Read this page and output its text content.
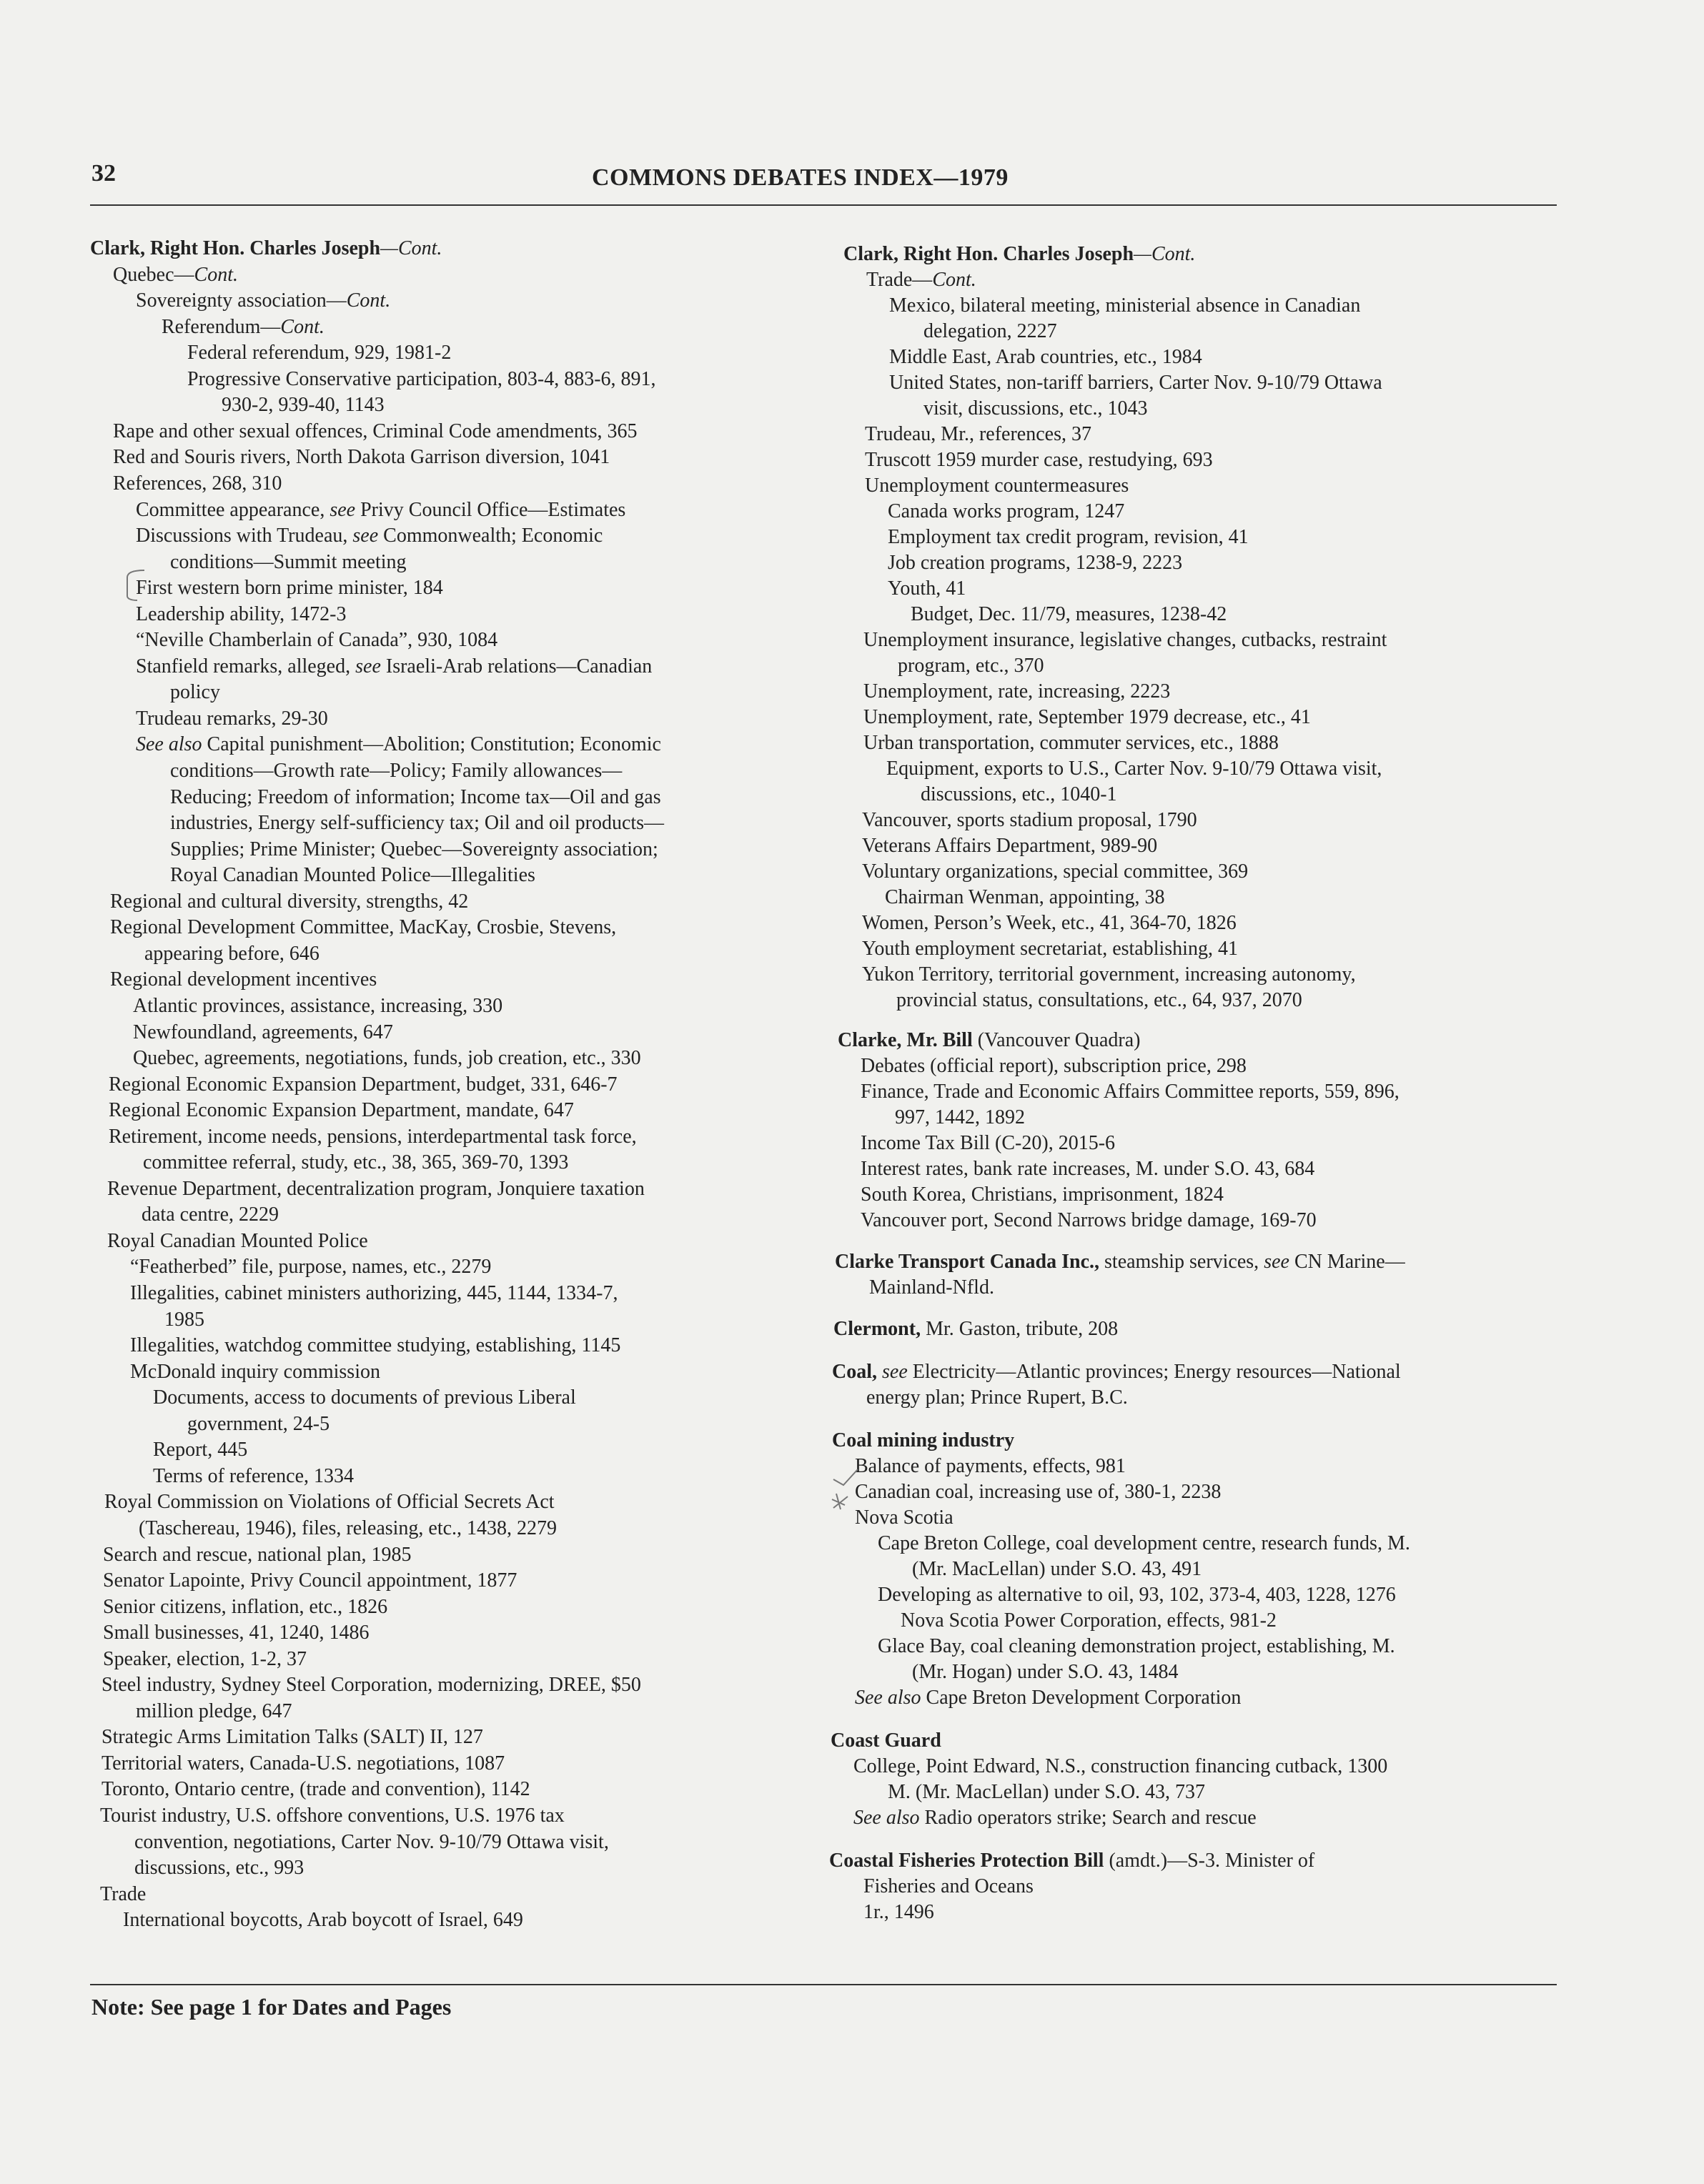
32	COMMONS DEBATES INDEX—1979
Clark, Right Hon. Charles Joseph—Cont.
Quebec—Cont.
Sovereignty association—Cont.
Referendum—Cont.
Federal referendum, 929, 1981-2
Progressive Conservative participation, 803-4, 883-6, 891,
930-2, 939-40, 1143
Rape and other sexual offences, Criminal Code amendments, 365
Red and Souris rivers, North Dakota Garrison diversion, 1041
References, 268, 310
Committee appearance, see Privy Council Office—Estimates
Discussions with Trudeau, see Commonwealth; Economic
conditions—Summit meeting
First western born prime minister, 184
Leadership ability, 1472-3
“Neville Chamberlain of Canada”, 930, 1084
Stanfield remarks, alleged, see Israeli-Arab relations—Canadian
policy
Trudeau remarks, 29-30
See also Capital punishment—Abolition; Constitution; Economic
conditions—Growth rate—Policy; Family allowances—
Reducing; Freedom of information; Income tax—Oil and gas
industries, Energy self-sufficiency tax; Oil and oil products—
Supplies; Prime Minister; Quebec—Sovereignty association;
Royal Canadian Mounted Police—Illegalities
Regional and cultural diversity, strengths, 42
Regional Development Committee, MacKay, Crosbie, Stevens,
appearing before, 646
Regional development incentives
Atlantic provinces, assistance, increasing, 330
Newfoundland, agreements, 647
Quebec, agreements, negotiations, funds, job creation, etc., 330
Regional Economic Expansion Department, budget, 331, 646-7
Regional Economic Expansion Department, mandate, 647
Retirement, income needs, pensions, interdepartmental task force,
committee referral, study, etc., 38, 365, 369-70, 1393
Revenue Department, decentralization program, Jonquiere taxation
data centre, 2229
Royal Canadian Mounted Police
“Featherbed” file, purpose, names, etc., 2279
Illegalities, cabinet ministers authorizing, 445, 1144, 1334-7,
1985
Illegalities, watchdog committee studying, establishing, 1145
McDonald inquiry commission
Documents, access to documents of previous Liberal
government, 24-5
Report, 445
Terms of reference, 1334
Royal Commission on Violations of Official Secrets Act
(Taschereau, 1946), files, releasing, etc., 1438, 2279
Search and rescue, national plan, 1985
Senator Lapointe, Privy Council appointment, 1877
Senior citizens, inflation, etc., 1826
Small businesses, 41, 1240, 1486
Speaker, election, 1-2, 37
Steel industry, Sydney Steel Corporation, modernizing, DREE, $50
million pledge, 647
Strategic Arms Limitation Talks (SALT) II, 127
Territorial waters, Canada-U.S. negotiations, 1087
Toronto, Ontario centre, (trade and convention), 1142
Tourist industry, U.S. offshore conventions, U.S. 1976 tax
convention, negotiations, Carter Nov. 9-10/79 Ottawa visit,
discussions, etc., 993
Trade
International boycotts, Arab boycott of Israel, 649
Clark, Right Hon. Charles Joseph—Cont.
Trade—Cont.
Mexico, bilateral meeting, ministerial absence in Canadian
delegation, 2227
Middle East, Arab countries, etc., 1984
United States, non-tariff barriers, Carter Nov. 9-10/79 Ottawa
visit, discussions, etc., 1043
Trudeau, Mr., references, 37
Truscott 1959 murder case, restudying, 693
Unemployment countermeasures
Canada works program, 1247
Employment tax credit program, revision, 41
Job creation programs, 1238-9, 2223
Youth, 41
Budget, Dec. 11/79, measures, 1238-42
Unemployment insurance, legislative changes, cutbacks, restraint
program, etc., 370
Unemployment, rate, increasing, 2223
Unemployment, rate, September 1979 decrease, etc., 41
Urban transportation, commuter services, etc., 1888
Equipment, exports to U.S., Carter Nov. 9-10/79 Ottawa visit,
discussions, etc., 1040-1
Vancouver, sports stadium proposal, 1790
Veterans Affairs Department, 989-90
Voluntary organizations, special committee, 369
Chairman Wenman, appointing, 38
Women, Person’s Week, etc., 41, 364-70, 1826
Youth employment secretariat, establishing, 41
Yukon Territory, territorial government, increasing autonomy,
provincial status, consultations, etc., 64, 937, 2070
Clarke, Mr. Bill (Vancouver Quadra)
Debates (official report), subscription price, 298
Finance, Trade and Economic Affairs Committee reports, 559, 896,
997, 1442, 1892
Income Tax Bill (C-20), 2015-6
Interest rates, bank rate increases, M. under S.O. 43, 684
South Korea, Christians, imprisonment, 1824
Vancouver port, Second Narrows bridge damage, 169-70
Clarke Transport Canada Inc., steamship services, see CN Marine—
Mainland-Nfld.
Clermont, Mr. Gaston, tribute, 208
Coal, see Electricity—Atlantic provinces; Energy resources—National
energy plan; Prince Rupert, B.C.
Coal mining industry
Balance of payments, effects, 981
Canadian coal, increasing use of, 380-1, 2238
Nova Scotia
Cape Breton College, coal development centre, research funds, M.
(Mr. MacLellan) under S.O. 43, 491
Developing as alternative to oil, 93, 102, 373-4, 403, 1228, 1276
Nova Scotia Power Corporation, effects, 981-2
Glace Bay, coal cleaning demonstration project, establishing, M.
(Mr. Hogan) under S.O. 43, 1484
See also Cape Breton Development Corporation
Coast Guard
College, Point Edward, N.S., construction financing cutback, 1300
M. (Mr. MacLellan) under S.O. 43, 737
See also Radio operators strike; Search and rescue
Coastal Fisheries Protection Bill (amdt.)—S-3. Minister of
Fisheries and Oceans
1r., 1496
Note: See page 1 for Dates and Pages
